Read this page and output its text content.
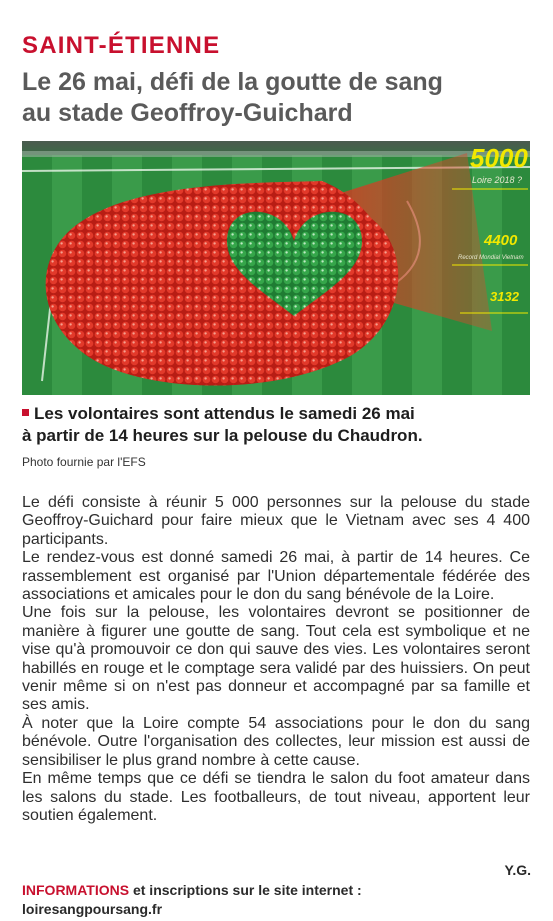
SAINT-ÉTIENNE
Le 26 mai, défi de la goutte de sang
au stade Geoffroy-Guichard
5000
Loire 2018 ?
4400
Record Mondial Vietnam
3132

Les volontaires sont attendus le samedi 26 mai
à partir de 14 heures sur la pelouse du Chaudron.

Photo fournie par l'EFS

Le défi consiste à réunir 5 000 personnes sur la pelouse du stade Geoffroy-Guichard pour faire mieux que le Vietnam avec ses 4 400 participants.

Le rendez-vous est donné samedi 26 mai, à partir de 14 heures. Ce rassemblement est organisé par l'Union départementale fédérée des associations et amicales pour le don du sang bénévole de la Loire.

Une fois sur la pelouse, les volontaires devront se positionner de manière à figurer une goutte de sang. Tout cela est symbolique et ne vise qu'à promouvoir ce don qui sauve des vies. Les volontaires seront habillés en rouge et le comptage sera validé par des huissiers. On peut venir même si on n'est pas donneur et accompagné par sa famille et ses amis.

À noter que la Loire compte 54 associations pour le don du sang bénévole. Outre l'organisation des collectes, leur mission est aussi de sensibiliser le plus grand nombre à cette cause.

En même temps que ce défi se tiendra le salon du foot amateur dans les salons du stade. Les footballeurs, de tout niveau, apportent leur soutien également.

Y.G.

INFORMATIONS et inscriptions sur le site internet :
loiresangpoursang.fr
